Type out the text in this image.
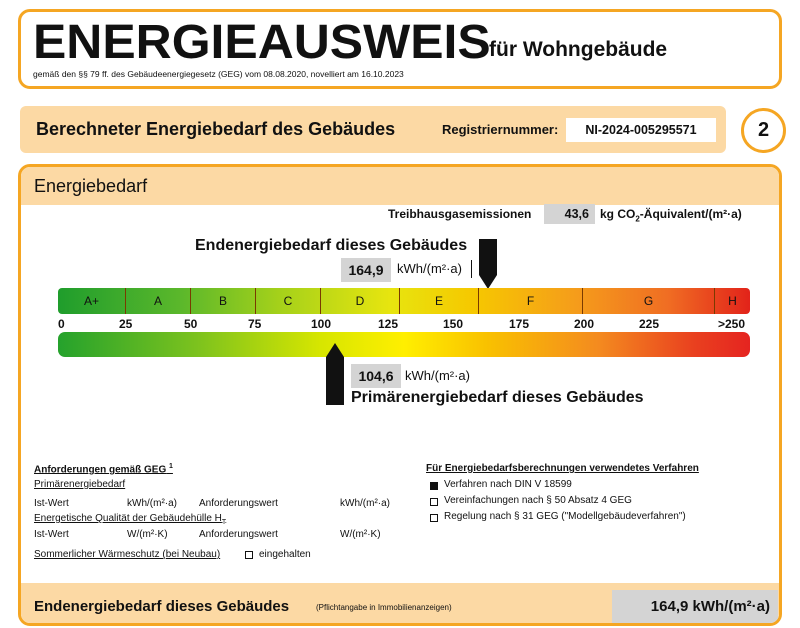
ENERGIEAUSWEIS
für Wohngebäude
gemäß den §§ 79 ff. des Gebäudeenergiegesetz (GEG) vom 08.08.2020, novelliert am 16.10.2023
Berechneter Energiebedarf des Gebäudes	Registriernummer:	NI-2024-005295571	2
Energiebedarf
Treibhausgasemissionen	43,6 kg $CO_2-Äquivalent/(m^2\cdot a)$
Endenergiebedarf dieses Gebäudes
164,9	kWh/(m²·a)
A+	A	B	C	D	E	F	G	H
0	25	50	75	100	125	150	175	200	225	>250
104,6 kWh/(m²·a)
Primärenergiebedarf dieses Gebäudes
Anforderungen gemäß GEG $^1$
Primärenergiebedarf
Ist-Wert	kWh/(m²·a) Anforderungswert	kWh/(m²·a)
Energetische Qualität der Gebäudehülle $H_T$
Ist-Wert	W/(m²·K)	Anforderungswert	W/(m²·K)
Sommerlicher Wärmeschutz (bei Neubau)	eingehalten
Für Energiebedarfsberechnungen verwendetes Verfahren
Verfahren nach DIN V 18599
Vereinfachungen nach § 50 Absatz 4 GEG
Regelung nach § 31 GEG ("Modellgebäudeverfahren")
Endenergiebedarf dieses Gebäudes	(Pflichtangabe in Immobilienanzeigen)	164,9 kWh/(m²·a)
